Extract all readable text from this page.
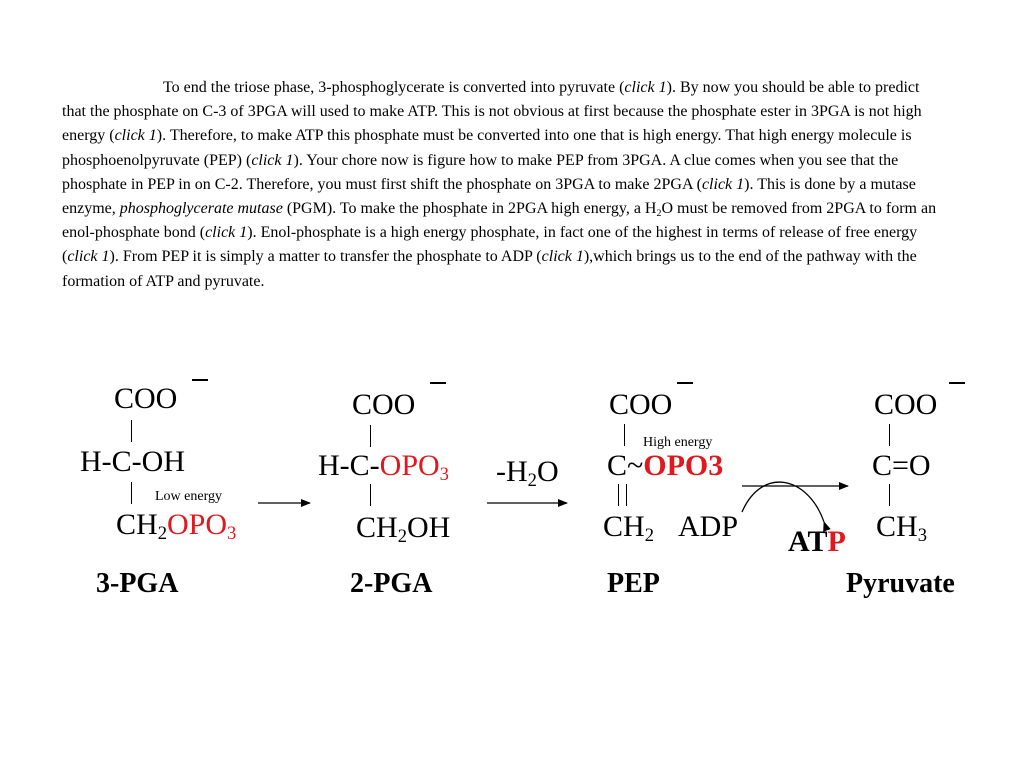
To end the triose phase, 3-phosphoglycerate is converted into pyruvate (click 1). By now you should be able to predict that the phosphate on C-3 of 3PGA will used to make ATP. This is not obvious at first because the phosphate ester in 3PGA is not high energy (click 1). Therefore, to make ATP this phosphate must be converted into one that is high energy. That high energy molecule is phosphoenolpyruvate (PEP) (click 1). Your chore now is figure how to make PEP from 3PGA. A clue comes when you see that the phosphate in PEP in on C-2. Therefore, you must first shift the phosphate on 3PGA to make 2PGA (click 1). This is done by a mutase enzyme, phosphoglycerate mutase (PGM). To make the phosphate in 2PGA high energy, a $H_2O$ must be removed from 2PGA to form an enol-phosphate bond (click 1). Enol-phosphate is a high energy phosphate, in fact one of the highest in terms of release of free energy (click 1). From PEP it is simply a matter to transfer the phosphate to ADP (click 1),which brings us to the end of the pathway with the formation of ATP and pyruvate.

COO
H-C-OH
Low energy
$CH_2OPO_3$
3-PGA
COO
$H-C-OPO_3$
$CH_2OH$
2-PGA
$-H_2O$
COO
High energy
C~OPO3
$CH_2$ ADP ATP
PEP
COO
C=O
$CH_3$
Pyruvate
